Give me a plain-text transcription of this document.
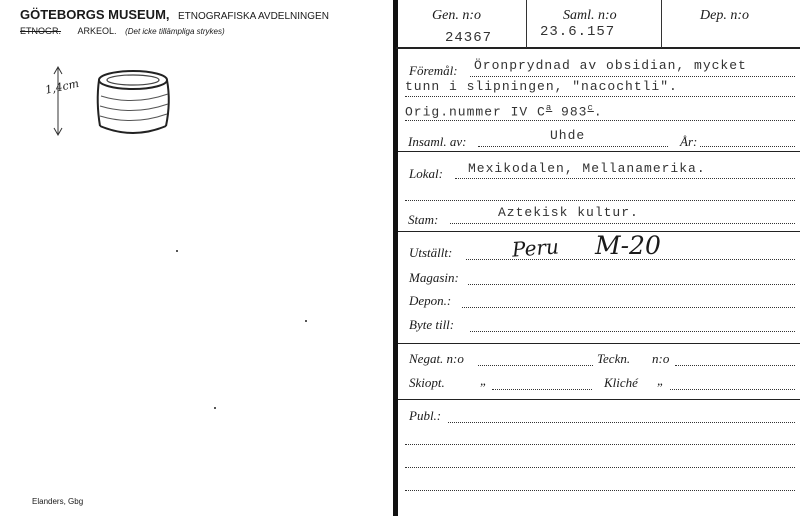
GÖTEBORGS MUSEUM, ETNOGRAFISKA AVDELNINGEN
ETNOGR. ARKEOL. (Det icke tillämpliga strykes)
1,4cm
Elanders, Gbg
Gen. n:o
24367
Saml. n:o
23.6.157
Dep. n:o
Föremål: Öronprydnad av obsidian, mycket
tunn i slipningen, "nacochtli".
Orig.nummer IV $C^a$ 983$^c$.
Insaml. av:	Uhde	År:
Lokal: Mexikodalen, Mellanamerika.
Stam:	Aztekisk kultur.
Utställt:	Peru M-20
Magasin:
Depon.:
Byte till:
Negat. n:o	Teckn. n:o
Skiopt.	„	Kliché „
Publ.:
